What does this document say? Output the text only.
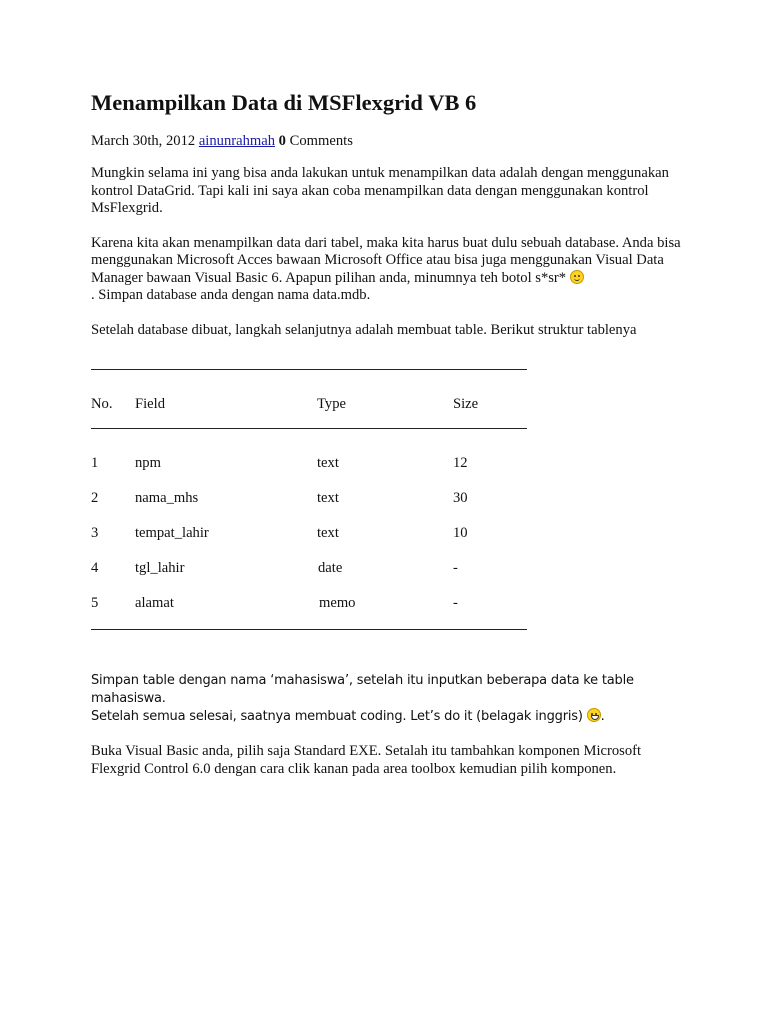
Menampilkan Data di MSFlexgrid VB 6
March 30th, 2012 ainunrahmah 0 Comments

Mungkin selama ini yang bisa anda lakukan untuk menampilkan data adalah dengan menggunakan kontrol DataGrid. Tapi kali ini saya akan coba menampilkan data dengan menggunakan kontrol MsFlexgrid.

Karena kita akan menampilkan data dari tabel, maka kita harus buat dulu sebuah database. Anda bisa menggunakan Microsoft Acces bawaan Microsoft Office atau bisa juga menggunakan Visual Data Manager bawaan Visual Basic 6. Apapun pilihan anda, minumnya teh botol s*sr*

. Simpan database anda dengan nama data.mdb.

Setelah database dibuat, langkah selanjutnya adalah membuat table. Berikut struktur tablenya

No. Field	Type	Size
1	npm	text	12
2	nama_mhs	text	30
3	tempat_lahir	text	10
4	tgl_lahir	date	-
5	alamat	memo	-

Simpan table dengan nama ‘mahasiswa’, setelah itu inputkan beberapa data ke table mahasiswa.

Setelah semua selesai, saatnya membuat coding. Let’s do it (belagak inggris) .

Buka Visual Basic anda, pilih saja Standard EXE. Setalah itu tambahkan komponen Microsoft Flexgrid Control 6.0 dengan cara clik kanan pada area toolbox kemudian pilih komponen.
